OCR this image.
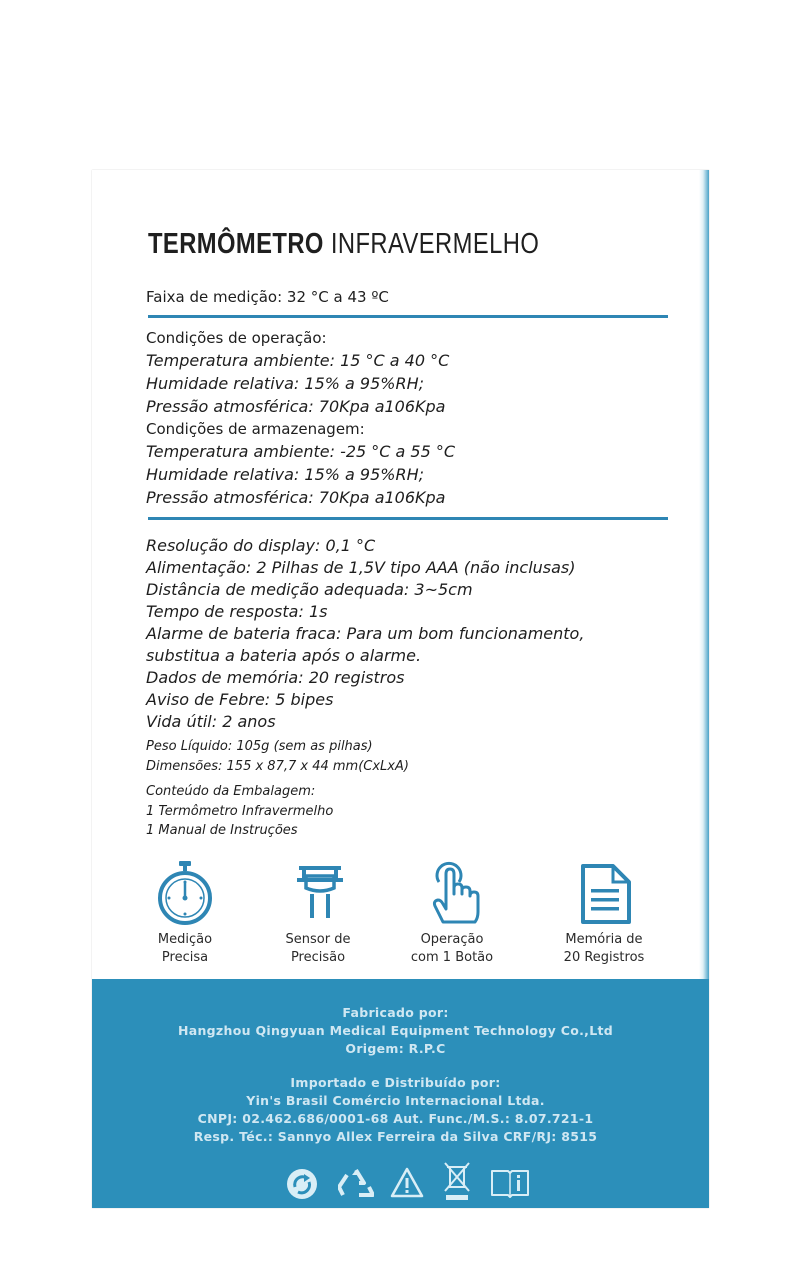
TERMÔMETRO INFRAVERMELHO
Faixa de medição: 32 °C a 43 ºC
Condições de operação:
Temperatura ambiente: 15 °C a 40 °C
Humidade relativa: 15% a 95%RH;
Pressão atmosférica: 70Kpa a106Kpa
Condições de armazenagem:
Temperatura ambiente: -25 °C a 55 °C
Humidade relativa: 15% a 95%RH;
Pressão atmosférica: 70Kpa a106Kpa
Resolução do display: 0,1 °C
Alimentação: 2 Pilhas de 1,5V tipo AAA (não inclusas)
Distância de medição adequada: 3~5cm
Tempo de resposta: 1s
Alarme de bateria fraca: Para um bom funcionamento,
substitua a bateria após o alarme.
Dados de memória: 20 registros
Aviso de Febre: 5 bipes
Vida útil: 2 anos
Peso Líquido: 105g (sem as pilhas)
Dimensões: 155 x 87,7 x 44 mm(CxLxA)
Conteúdo da Embalagem:
1 Termômetro Infravermelho
1 Manual de Instruções
Medição
Precisa
Sensor de
Precisão
Operação
com 1 Botão
Memória de
20 Registros
Fabricado por:
Hangzhou Qingyuan Medical Equipment Technology Co.,Ltd
Origem: R.P.C
Importado e Distribuído por:
Yin's Brasil Comércio Internacional Ltda.
CNPJ: 02.462.686/0001-68 Aut. Func./M.S.: 8.07.721-1
Resp. Téc.: Sannyo Allex Ferreira da Silva CRF/RJ: 8515
